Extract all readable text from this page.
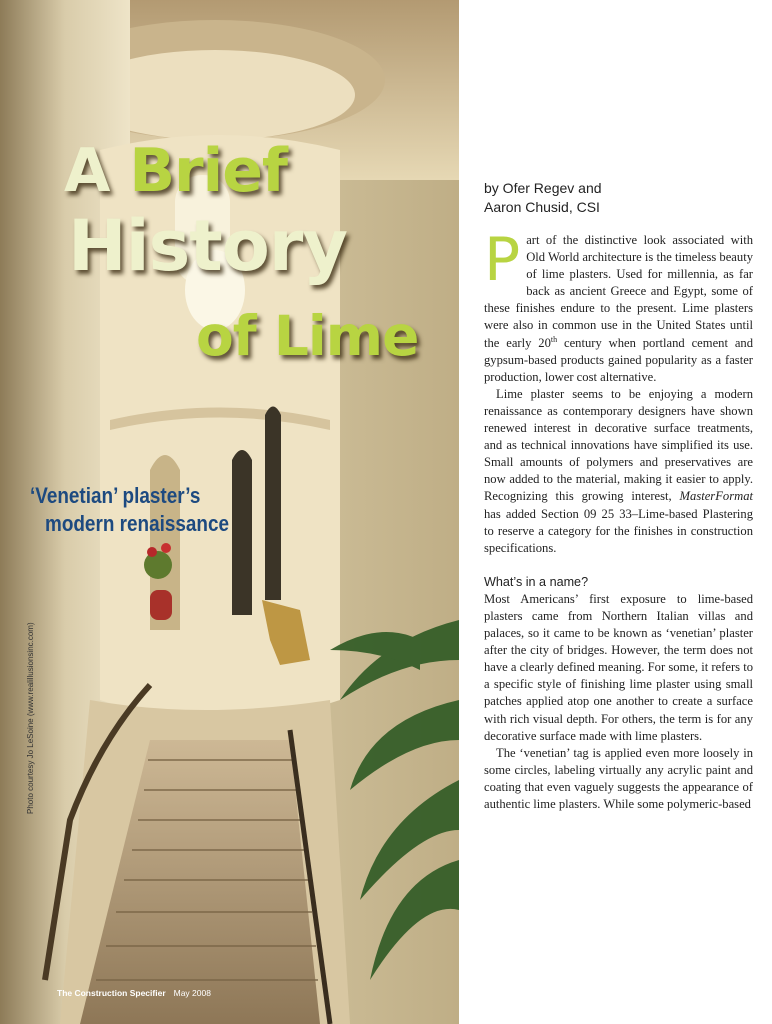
A Brief
History
of Lime
‘Venetian’ plaster’s
modern renaissance
Photo courtesy Jo LeSoine (www.realillusionsinc.com)
The Construction Specifier May 2008
by Ofer Regev and
Aaron Chusid, CSI

Part of the distinctive look associated with Old World architecture is the timeless beauty of lime plasters. Used for millennia, as far back as ancient Greece and Egypt, some of these finishes endure to the present. Lime plasters were also in common use in the United States until the early 20th century when portland cement and gypsum-based products gained popularity as a faster production, lower cost alternative.

Lime plaster seems to be enjoying a modern renaissance as contemporary designers have shown renewed interest in decorative surface treatments, and as technical innovations have simplified its use. Small amounts of polymers and preservatives are now added to the material, making it easier to apply. Recognizing this growing interest, MasterFormat has added Section 09 25 33–Lime-based Plastering to reserve a category for the finishes in construction specifications.

What’s in a name?

Most Americans’ first exposure to lime-based plasters came from Northern Italian villas and palaces, so it came to be known as ‘venetian’ plaster after the city of bridges. However, the term does not have a clearly defined meaning. For some, it refers to a specific style of finishing lime plaster using small patches applied atop one another to create a surface with rich visual depth. For others, the term is for any decorative surface made with lime plasters.

The ‘venetian’ tag is applied even more loosely in some circles, labeling virtually any acrylic paint and coating that even vaguely suggests the appearance of authentic lime plasters. While some polymeric-based
